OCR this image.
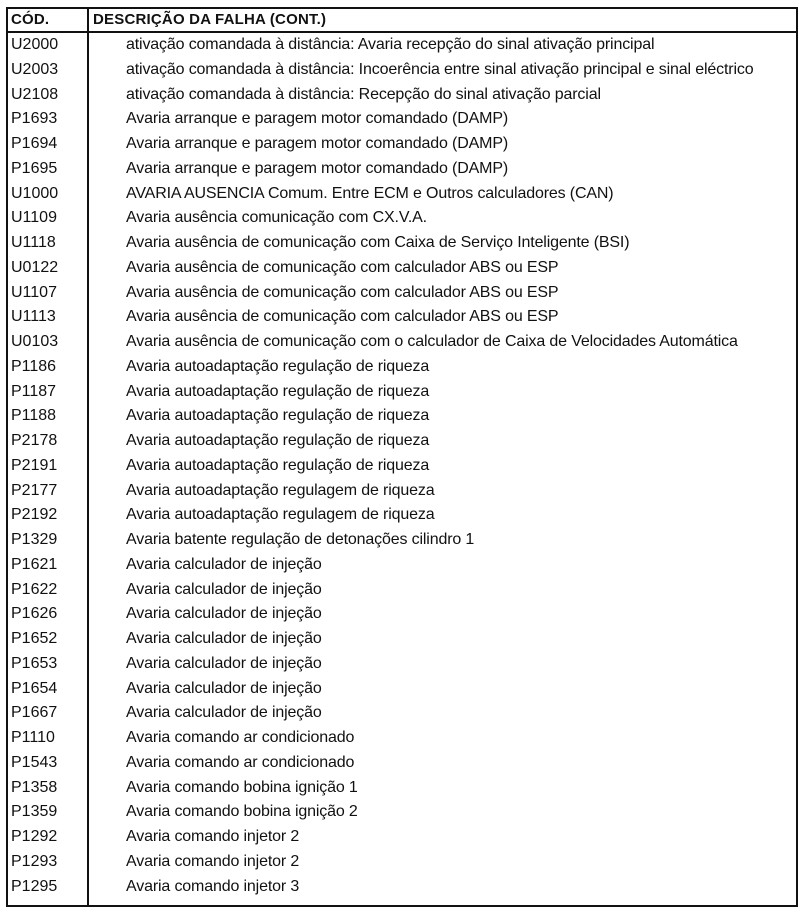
CÓD.	DESCRIÇÃO DA FALHA (CONT.)
U2000	ativação comandada à distância: Avaria recepção do sinal ativação principal
U2003	ativação comandada à distância: Incoerência entre sinal ativação principal e sinal eléctrico
U2108	ativação comandada à distância: Recepção do sinal ativação parcial
P1693	Avaria arranque e paragem motor comandado (DAMP)
P1694	Avaria arranque e paragem motor comandado (DAMP)
P1695	Avaria arranque e paragem motor comandado (DAMP)
U1000	AVARIA AUSENCIA Comum. Entre ECM e Outros calculadores (CAN)
U1109	Avaria ausência comunicação com CX.V.A.
U1118	Avaria ausência de comunicação com Caixa de Serviço Inteligente (BSI)
U0122	Avaria ausência de comunicação com calculador ABS ou ESP
U1107	Avaria ausência de comunicação com calculador ABS ou ESP
U1113	Avaria ausência de comunicação com calculador ABS ou ESP
U0103	Avaria ausência de comunicação com o calculador de Caixa de Velocidades Automática
P1186	Avaria autoadaptação regulação de riqueza
P1187	Avaria autoadaptação regulação de riqueza
P1188	Avaria autoadaptação regulação de riqueza
P2178	Avaria autoadaptação regulação de riqueza
P2191	Avaria autoadaptação regulação de riqueza
P2177	Avaria autoadaptação regulagem de riqueza
P2192	Avaria autoadaptação regulagem de riqueza
P1329	Avaria batente regulação de detonações cilindro 1
P1621	Avaria calculador de injeção
P1622	Avaria calculador de injeção
P1626	Avaria calculador de injeção
P1652	Avaria calculador de injeção
P1653	Avaria calculador de injeção
P1654	Avaria calculador de injeção
P1667	Avaria calculador de injeção
P1110	Avaria comando ar condicionado
P1543	Avaria comando ar condicionado
P1358	Avaria comando bobina ignição 1
P1359	Avaria comando bobina ignição 2
P1292	Avaria comando injetor 2
P1293	Avaria comando injetor 2
P1295	Avaria comando injetor 3
